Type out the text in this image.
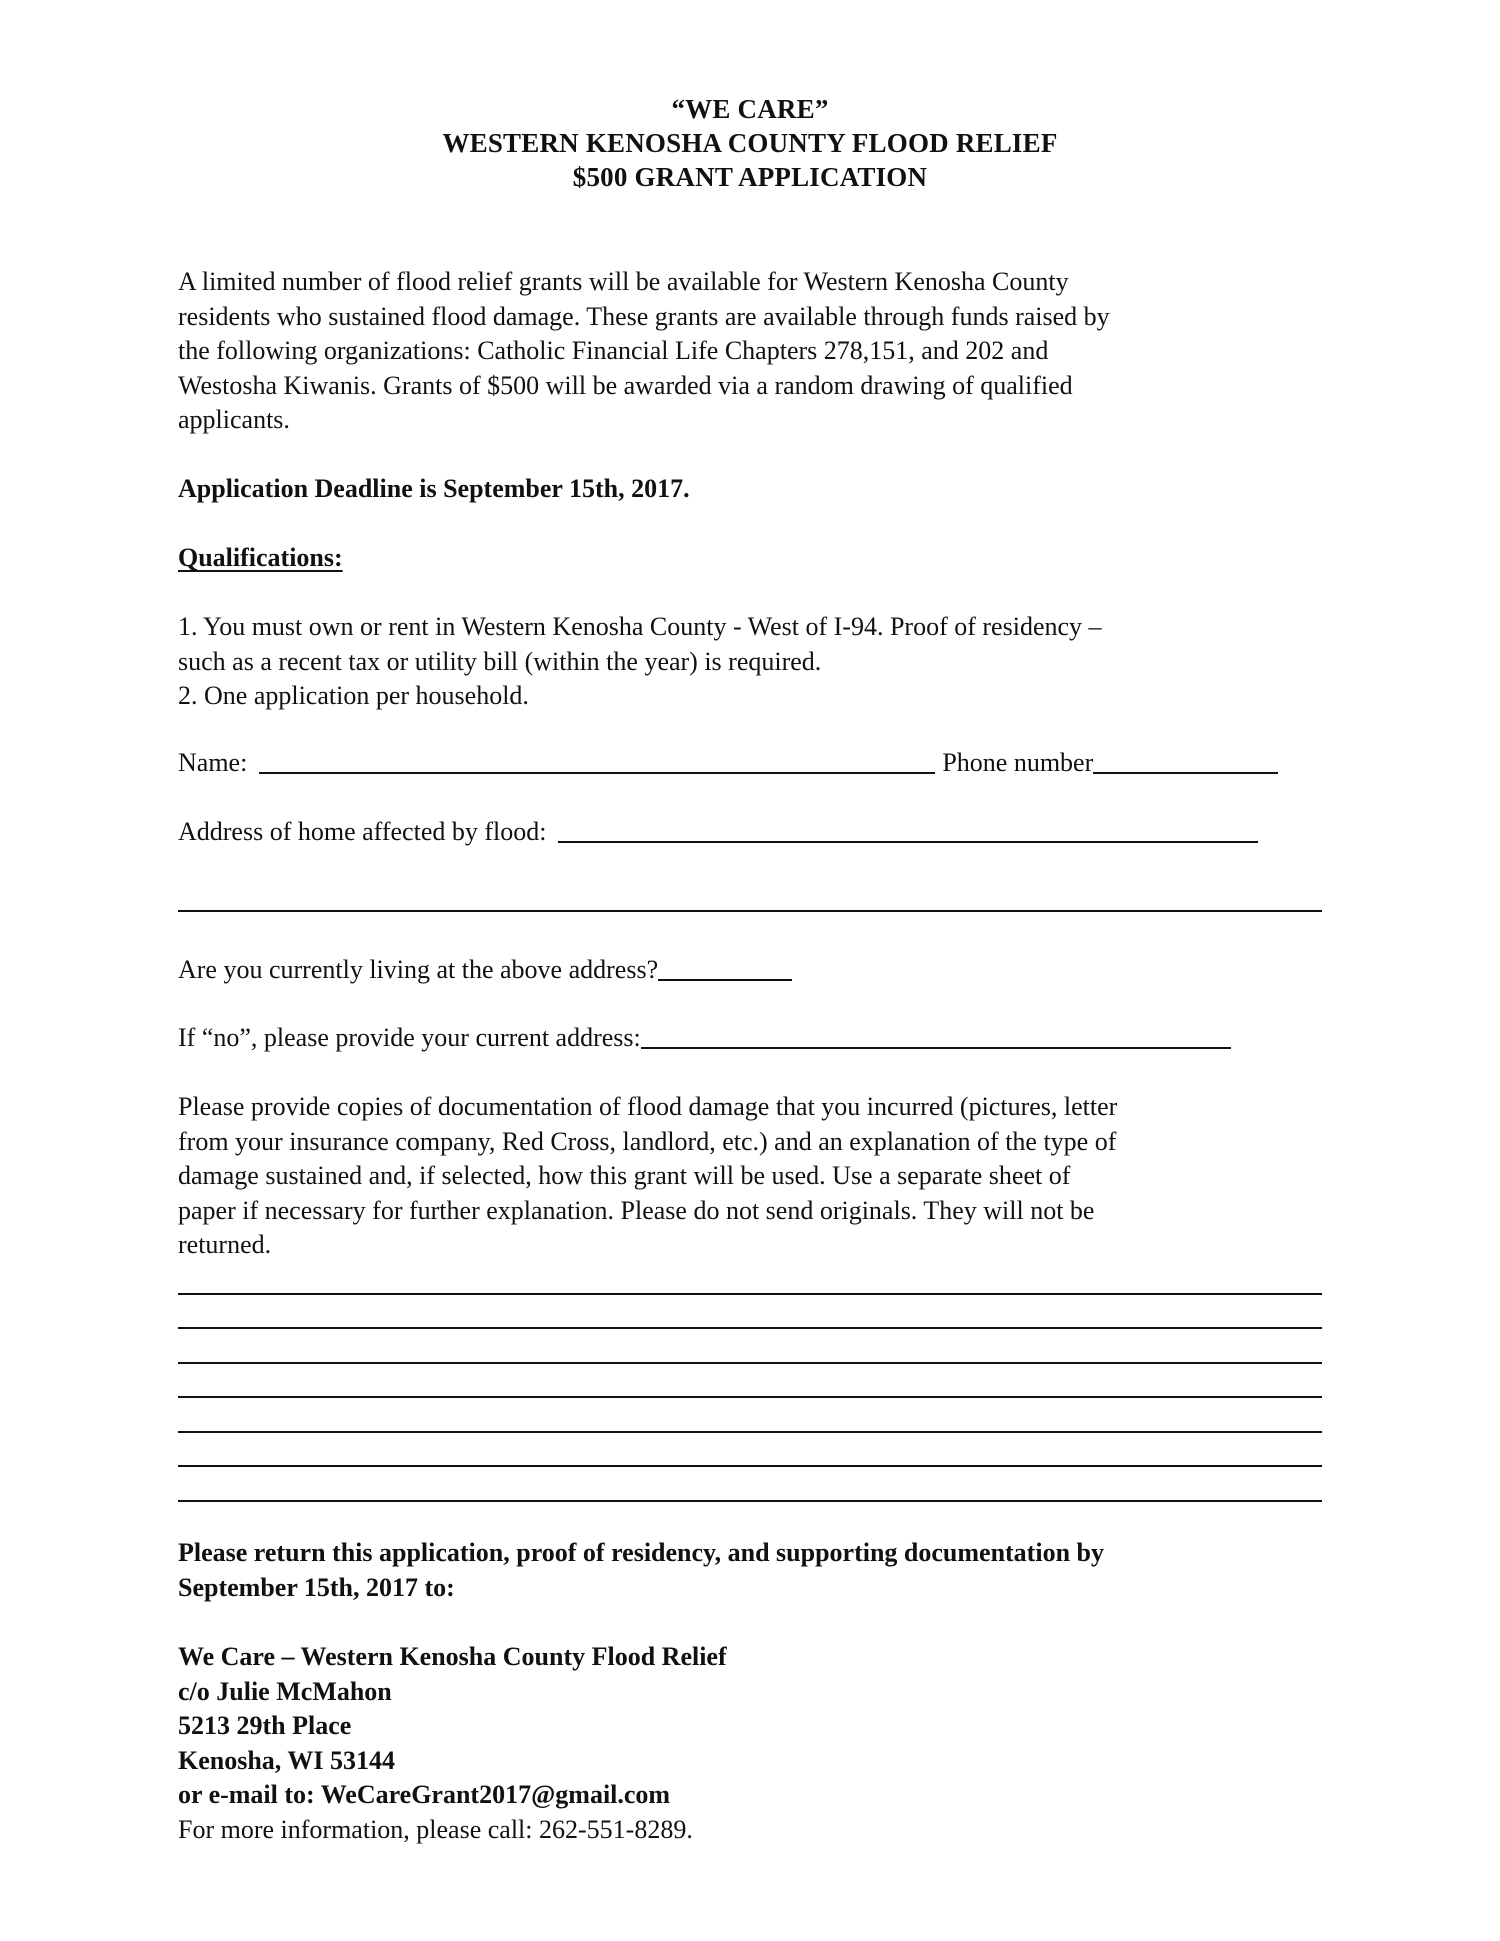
“WE CARE”
WESTERN KENOSHA COUNTY FLOOD RELIEF
$500 GRANT APPLICATION
A limited number of flood relief grants will be available for Western Kenosha County
residents who sustained flood damage. These grants are available through funds raised by
the following organizations: Catholic Financial Life Chapters 278,151, and 202 and
Westosha Kiwanis. Grants of $500 will be awarded via a random drawing of qualified
applicants.
Application Deadline is September 15th, 2017.
Qualifications:
1. You must own or rent in Western Kenosha County - West of I-94. Proof of residency –
such as a recent tax or utility bill (within the year) is required.
2. One application per household.
Name:	Phone number
Address of home affected by flood:
Are you currently living at the above address?
If “no”, please provide your current address:
Please provide copies of documentation of flood damage that you incurred (pictures, letter
from your insurance company, Red Cross, landlord, etc.) and an explanation of the type of
damage sustained and, if selected, how this grant will be used. Use a separate sheet of
paper if necessary for further explanation. Please do not send originals. They will not be
returned.
Please return this application, proof of residency, and supporting documentation by
September 15th, 2017 to:
We Care – Western Kenosha County Flood Relief
c/o Julie McMahon
5213 29th Place
Kenosha, WI 53144
or e-mail to: WeCareGrant2017@gmail.com
For more information, please call: 262-551-8289.
